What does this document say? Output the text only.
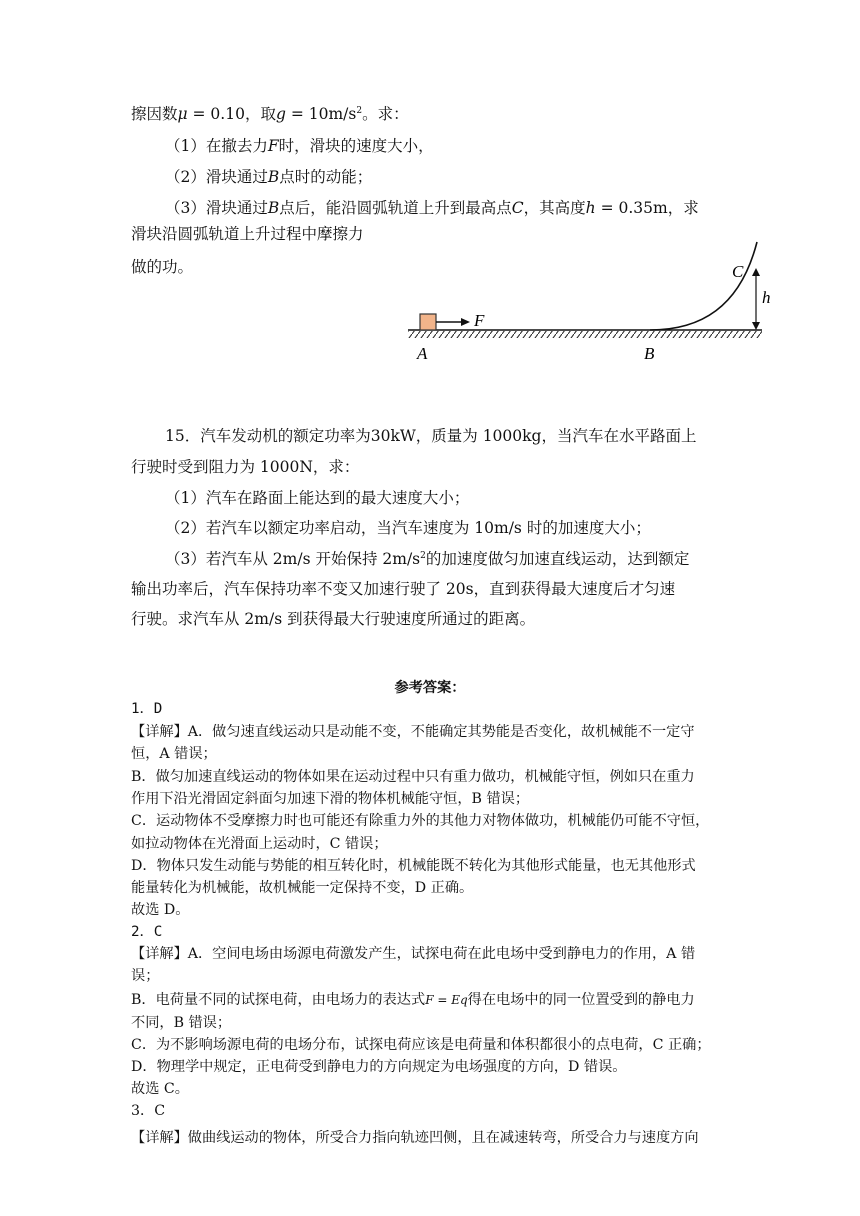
擦因数μ = 0.10，取$g = 10m/s^2$。求：
（1）在撤去力F时，滑块的速度大小，
（2）滑块通过B点时的动能；
（3）滑块通过B点后，能沿圆弧轨道上升到最高点C，其高度h = 0.35m，求
滑块沿圆弧轨道上升过程中摩擦力
做的功。
F
A	B
C
h
15．汽车发动机的额定功率为30kW，质量为 1000kg，当汽车在水平路面上
行驶时受到阻力为 1000N，求：
（1）汽车在路面上能达到的最大速度大小；
（2）若汽车以额定功率启动，当汽车速度为 10m/s 时的加速度大小；
（3）若汽车从 2m/s 开始保持 $2m/s^2$的加速度做匀加速直线运动，达到额定
输出功率后，汽车保持功率不变又加速行驶了 20s，直到获得最大速度后才匀速
行驶。求汽车从 2m/s 到获得最大行驶速度所通过的距离。
参考答案：
1．D
【详解】A．做匀速直线运动只是动能不变，不能确定其势能是否变化，故机械能不一定守
恒，A 错误；
B．做匀加速直线运动的物体如果在运动过程中只有重力做功，机械能守恒，例如只在重力
作用下沿光滑固定斜面匀加速下滑的物体机械能守恒，B 错误；
C．运动物体不受摩擦力时也可能还有除重力外的其他力对物体做功，机械能仍可能不守恒，
如拉动物体在光滑面上运动时，C 错误；
D．物体只发生动能与势能的相互转化时，机械能既不转化为其他形式能量，也无其他形式
能量转化为机械能，故机械能一定保持不变，D 正确。
故选 D。
2．C
【详解】A．空间电场由场源电荷激发产生，试探电荷在此电场中受到静电力的作用，A 错
误；
B．电荷量不同的试探电荷，由电场力的表达式F = Eq得在电场中的同一位置受到的静电力
不同，B 错误；
C．为不影响场源电荷的电场分布，试探电荷应该是电荷量和体积都很小的点电荷，C 正确；
D．物理学中规定，正电荷受到静电力的方向规定为电场强度的方向，D 错误。
故选 C。
3．C
【详解】做曲线运动的物体，所受合力指向轨迹凹侧，且在减速转弯，所受合力与速度方向
